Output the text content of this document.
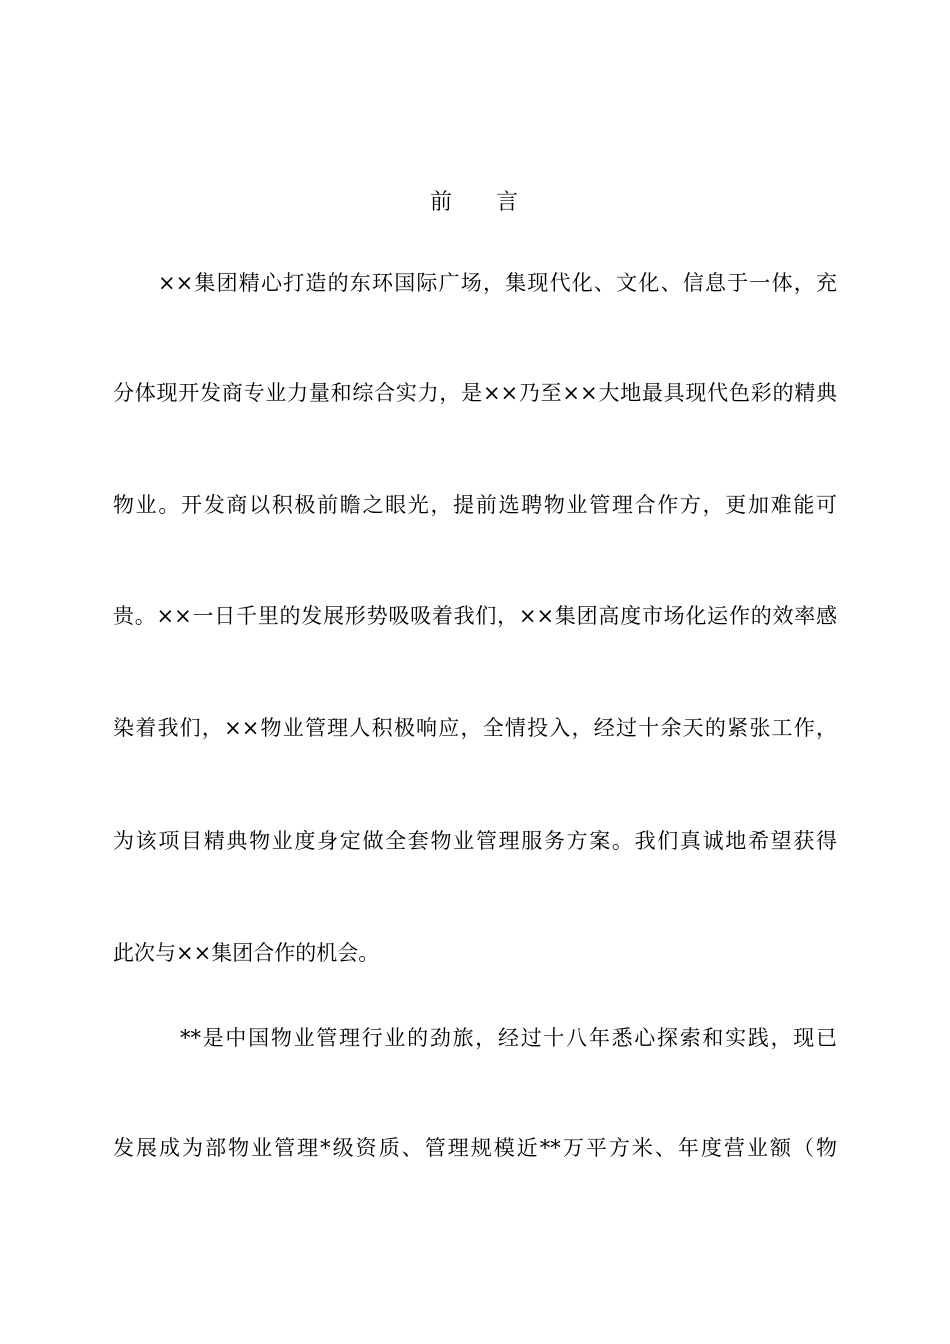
前 言
××集团精心打造的东环国际广场，集现代化、文化、信息于一体，充
分体现开发商专业力量和综合实力，是××乃至××大地最具现代色彩的精典
物业。开发商以积极前瞻之眼光，提前选聘物业管理合作方，更加难能可
贵。××一日千里的发展形势吸吸着我们，××集团高度市场化运作的效率感
染着我们，××物业管理人积极响应，全情投入，经过十余天的紧张工作，
为该项目精典物业度身定做全套物业管理服务方案。我们真诚地希望获得
此次与××集团合作的机会。
**是中国物业管理行业的劲旅，经过十八年悉心探索和实践，现已
发展成为部物业管理*级资质、管理规模近**万平方米、年度营业额（物
